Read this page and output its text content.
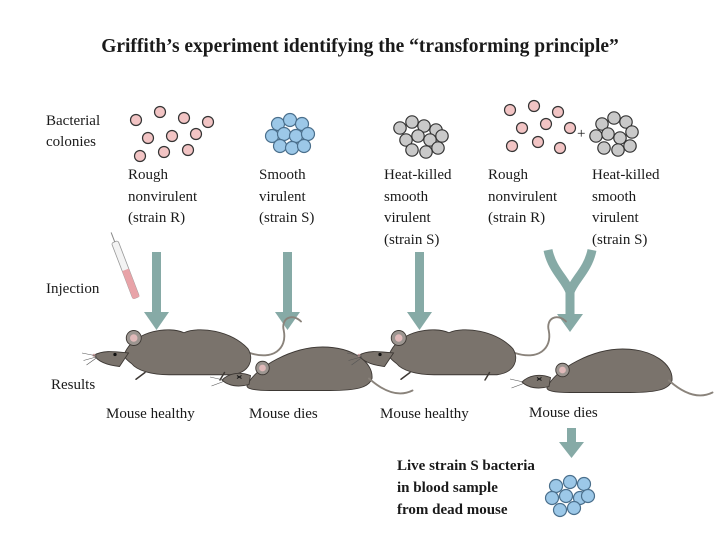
Griffith’s experiment identifying the “transforming principle”
Bacterial
colonies
Injection
Results
Rough
nonvirulent
(strain R)
Smooth
virulent
(strain S)
Heat-killed
smooth
virulent
(strain S)
Rough
nonvirulent
(strain R)
Heat-killed
smooth
virulent
(strain S)
Mouse healthy	Mouse dies	Mouse healthy	Mouse dies
Live strain S bacteria
in blood sample
from dead mouse
+
